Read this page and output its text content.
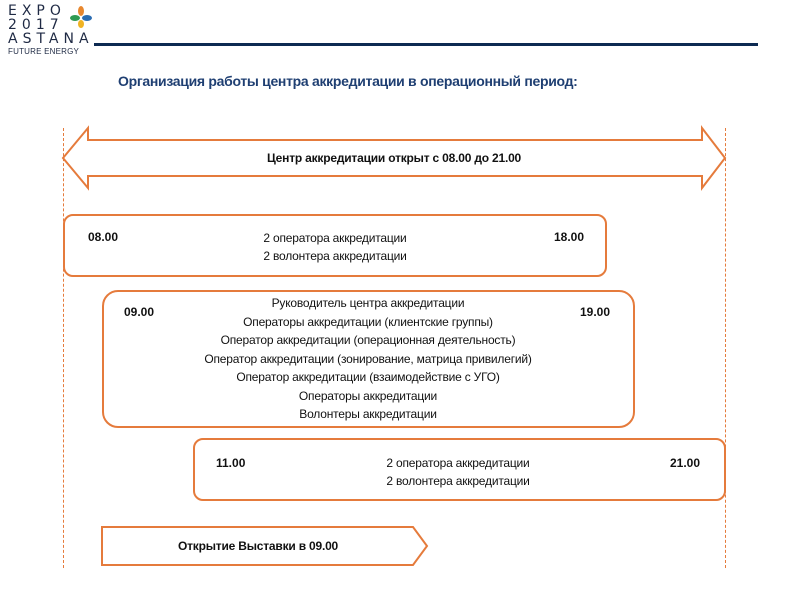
EXPO
2017
ASTANA
FUTURE ENERGY
Организация работы центра аккредитации в операционный период:
Центр аккредитации открыт с 08.00 до 21.00
08.00	18.00
2 оператора аккредитации
2 волонтера аккредитации
09.00	19.00
Руководитель центра аккредитации
Операторы аккредитации (клиентские группы)
Оператор аккредитации (операционная деятельность)
Оператор аккредитации (зонирование, матрица привилегий)
Оператор аккредитации (взаимодействие с УГО)
Операторы аккредитации
Волонтеры аккредитации
11.00	21.00
2 оператора аккредитации
2 волонтера аккредитации
Открытие Выставки в 09.00
